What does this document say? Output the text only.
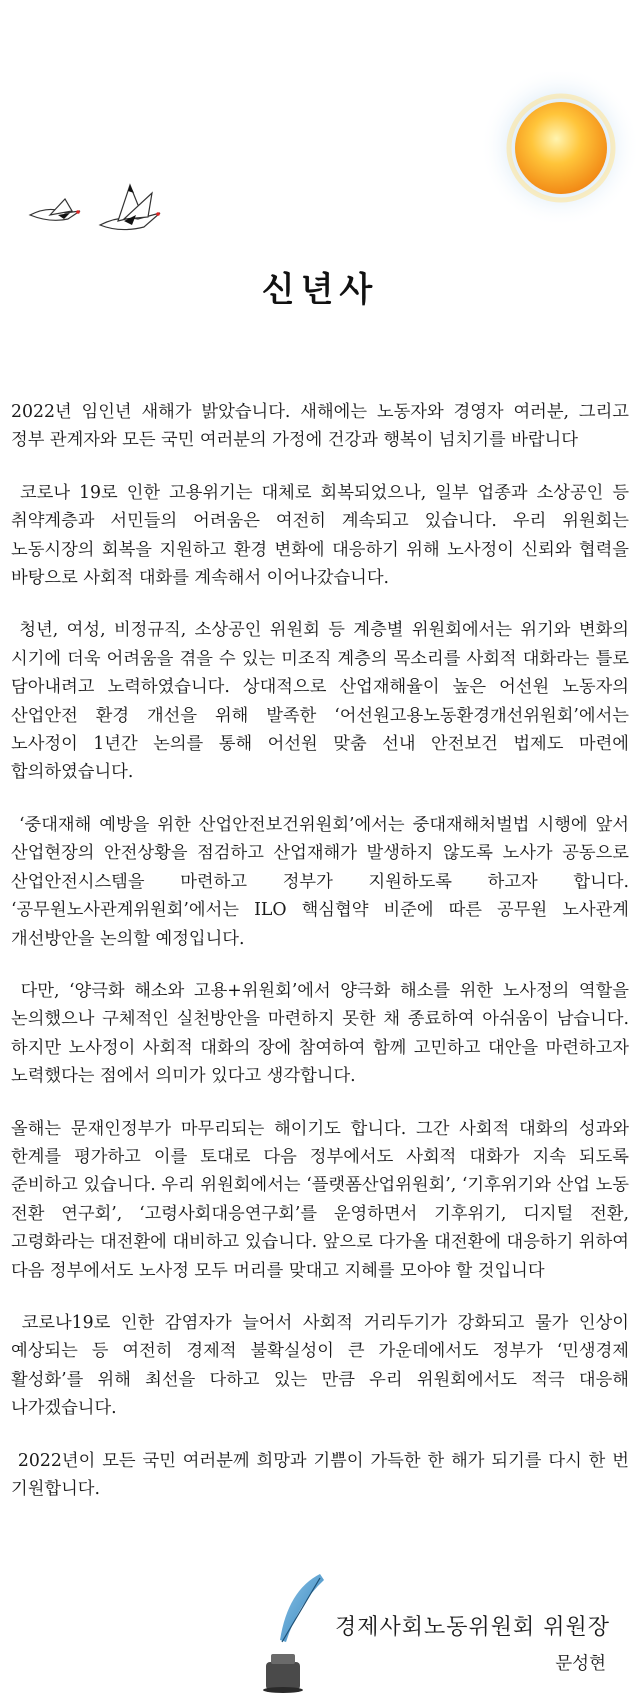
신년사

2022년 임인년 새해가 밝았습니다. 새해에는 노동자와 경영자 여러분, 그리고 정부 관계자와 모든 국민 여러분의 가정에 건강과 행복이 넘치기를 바랍니다

코로나 19로 인한 고용위기는 대체로 회복되었으나, 일부 업종과 소상공인 등 취약계층과 서민들의 어려움은 여전히 계속되고 있습니다. 우리 위원회는 노동시장의 회복을 지원하고 환경 변화에 대응하기 위해 노사정이 신뢰와 협력을 바탕으로 사회적 대화를 계속해서 이어나갔습니다.

청년, 여성, 비정규직, 소상공인 위원회 등 계층별 위원회에서는 위기와 변화의 시기에 더욱 어려움을 겪을 수 있는 미조직 계층의 목소리를 사회적 대화라는 틀로 담아내려고 노력하였습니다. 상대적으로 산업재해율이 높은 어선원 노동자의 산업안전 환경 개선을 위해 발족한 ‘어선원고용노동환경개선위원회’에서는 노사정이 1년간 논의를 통해 어선원 맞춤 선내 안전보건 법제도 마련에 합의하였습니다.

‘중대재해 예방을 위한 산업안전보건위원회’에서는 중대재해처벌법 시행에 앞서 산업현장의 안전상황을 점검하고 산업재해가 발생하지 않도록 노사가 공동으로 산업안전시스템을 마련하고 정부가 지원하도록 하고자 합니다. ‘공무원노사관계위원회’에서는 ILO 핵심협약 비준에 따른 공무원 노사관계 개선방안을 논의할 예정입니다.

다만, ‘양극화 해소와 고용+위원회’에서 양극화 해소를 위한 노사정의 역할을 논의했으나 구체적인 실천방안을 마련하지 못한 채 종료하여 아쉬움이 남습니다. 하지만 노사정이 사회적 대화의 장에 참여하여 함께 고민하고 대안을 마련하고자 노력했다는 점에서 의미가 있다고 생각합니다.

올해는 문재인정부가 마무리되는 해이기도 합니다. 그간 사회적 대화의 성과와 한계를 평가하고 이를 토대로 다음 정부에서도 사회적 대화가 지속 되도록 준비하고 있습니다. 우리 위원회에서는 ‘플랫폼산업위원회’, ‘기후위기와 산업 노동 전환 연구회’, ‘고령사회대응연구회’를 운영하면서 기후위기, 디지털 전환, 고령화라는 대전환에 대비하고 있습니다. 앞으로 다가올 대전환에 대응하기 위하여 다음 정부에서도 노사정 모두 머리를 맞대고 지혜를 모아야 할 것입니다

코로나19로 인한 감염자가 늘어서 사회적 거리두기가 강화되고 물가 인상이 예상되는 등 여전히 경제적 불확실성이 큰 가운데에서도 정부가 ‘민생경제 활성화’를 위해 최선을 다하고 있는 만큼 우리 위원회에서도 적극 대응해 나가겠습니다.

2022년이 모든 국민 여러분께 희망과 기쁨이 가득한 한 해가 되기를 다시 한 번 기원합니다.

경제사회노동위원회 위원장
문성현
